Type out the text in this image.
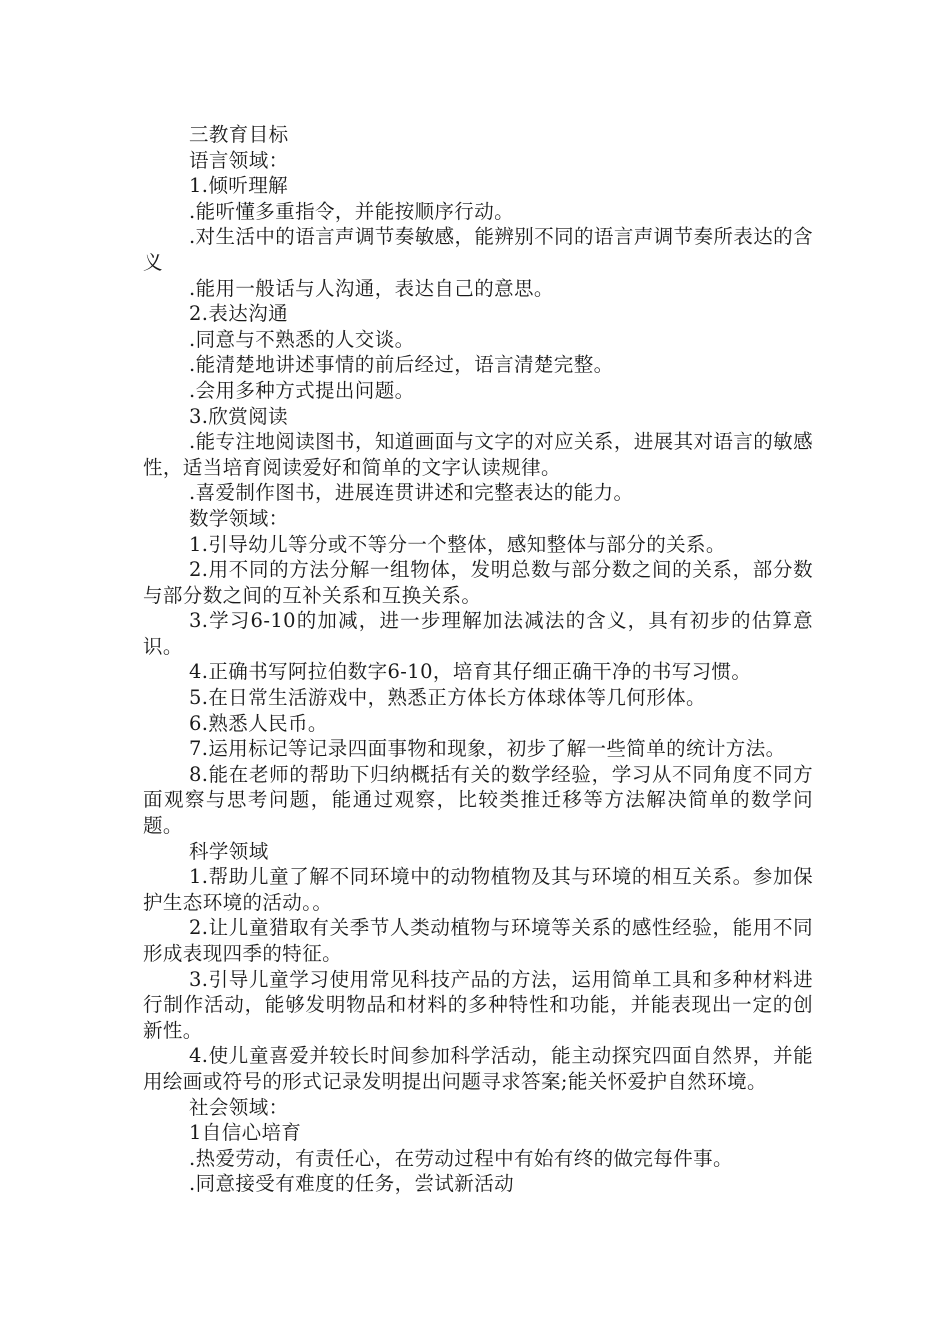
三教育目标

语言领域：

1.倾听理解

.能听懂多重指令，并能按顺序行动。

.对生活中的语言声调节奏敏感，能辨别不同的语言声调节奏所表达的含义

.能用一般话与人沟通，表达自己的意思。

2.表达沟通

.同意与不熟悉的人交谈。

.能清楚地讲述事情的前后经过，语言清楚完整。

.会用多种方式提出问题。

3.欣赏阅读

.能专注地阅读图书，知道画面与文字的对应关系，进展其对语言的敏感性，适当培育阅读爱好和简单的文字认读规律。

.喜爱制作图书，进展连贯讲述和完整表达的能力。

数学领域：

1.引导幼儿等分或不等分一个整体，感知整体与部分的关系。

2.用不同的方法分解一组物体，发明总数与部分数之间的关系，部分数与部分数之间的互补关系和互换关系。

3.学习6-10的加减，进一步理解加法减法的含义，具有初步的估算意识。

4.正确书写阿拉伯数字6-10，培育其仔细正确干净的书写习惯。

5.在日常生活游戏中，熟悉正方体长方体球体等几何形体。

6.熟悉人民币。

7.运用标记等记录四面事物和现象，初步了解一些简单的统计方法。

8.能在老师的帮助下归纳概括有关的数学经验，学习从不同角度不同方面观察与思考问题，能通过观察，比较类推迁移等方法解决简单的数学问题。

科学领域

1.帮助儿童了解不同环境中的动物植物及其与环境的相互关系。参加保护生态环境的活动。。

2.让儿童猎取有关季节人类动植物与环境等关系的感性经验，能用不同形成表现四季的特征。

3.引导儿童学习使用常见科技产品的方法，运用简单工具和多种材料进行制作活动，能够发明物品和材料的多种特性和功能，并能表现出一定的创新性。

4.使儿童喜爱并较长时间参加科学活动，能主动探究四面自然界，并能用绘画或符号的形式记录发明提出问题寻求答案;能关怀爱护自然环境。

社会领域：

1自信心培育

.热爱劳动，有责任心，在劳动过程中有始有终的做完每件事。

.同意接受有难度的任务，尝试新活动
